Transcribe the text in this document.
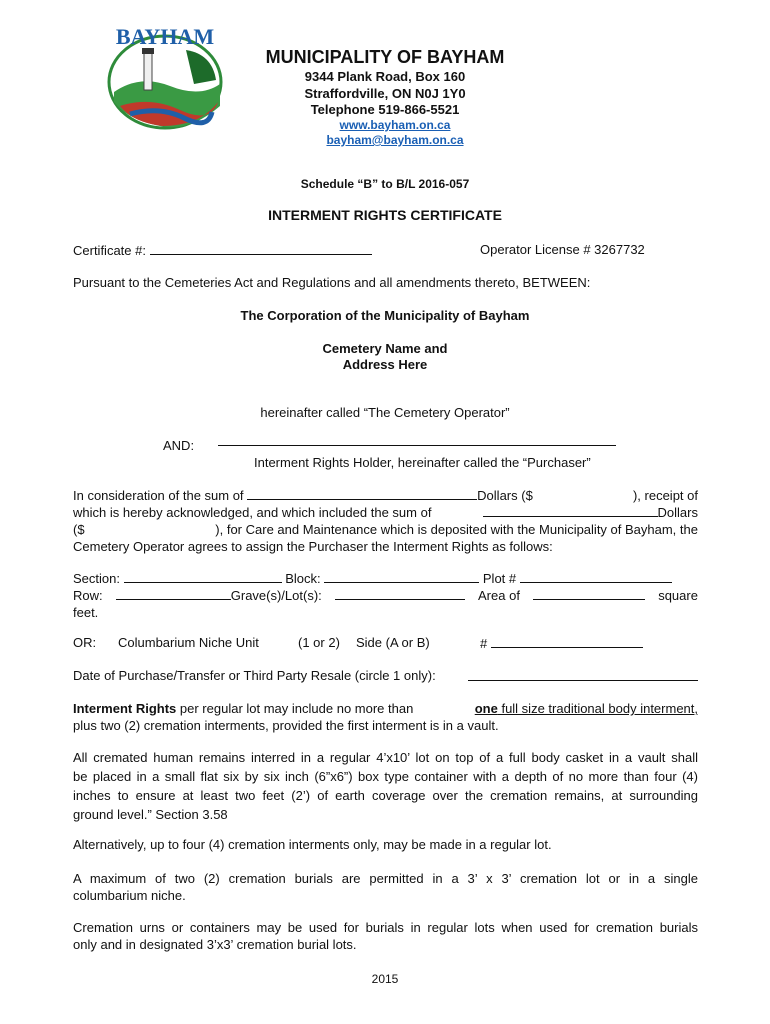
BAYHAM
MUNICIPALITY OF BAYHAM
9344 Plank Road, Box 160
Straffordville, ON N0J 1Y0
Telephone 519-866-5521
www.bayham.on.ca
bayham@bayham.on.ca
Schedule “B” to B/L 2016-057
INTERMENT RIGHTS CERTIFICATE
Certificate #:	Operator License # 3267732
Pursuant to the Cemeteries Act and Regulations and all amendments thereto, BETWEEN:
The Corporation of the Municipality of Bayham
Cemetery Name and
Address Here
hereinafter called “The Cemetery Operator”
AND:
Interment Rights Holder, hereinafter called the “Purchaser”
In consideration of the sum of	Dollars ($	), receipt of
which is hereby acknowledged, and which included the sum of	Dollars
($	), for Care and Maintenance which is deposited with the Municipality of Bayham, the
Cemetery Operator agrees to assign the Purchaser the Interment Rights as follows:
Section:	Block:	Plot #
Row:	Grave(s)/Lot(s):	Area of	square
feet.
OR: Columbarium Niche Unit	(1 or 2) Side (A or B)	#
Date of Purchase/Transfer or Third Party Resale (circle 1 only):
Interment Rights per regular lot may include no more than	one full size traditional body interment,
plus two (2) cremation interments, provided the first interment is in a vault.
All cremated human remains interred in a regular 4’x10’ lot on top of a full body casket in a vault shall
be placed in a small flat six by six inch (6”x6”) box type container with a depth of no more than four (4)
inches to ensure at least two feet (2’) of earth coverage over the cremation remains, at surrounding
ground level.” Section 3.58
Alternatively, up to four (4) cremation interments only, may be made in a regular lot.
A maximum of two (2) cremation burials are permitted in a 3’ x 3’ cremation lot or in a single
columbarium niche.
Cremation urns or containers may be used for burials in regular lots when used for cremation burials
only and in designated 3’x3’ cremation burial lots.
2015
